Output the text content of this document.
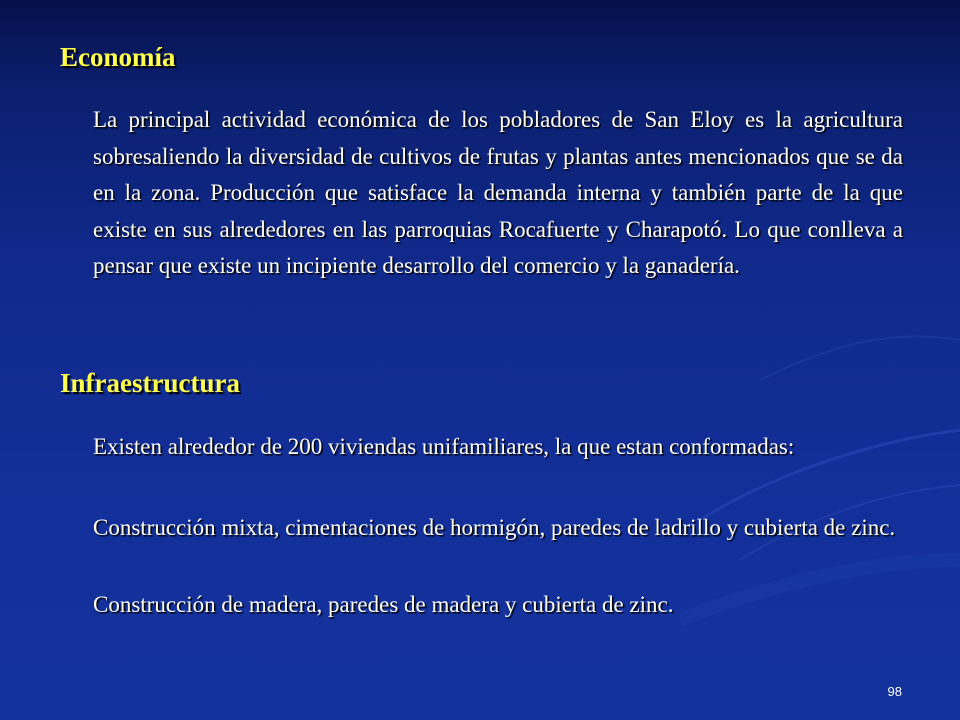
Economía

La principal actividad económica de los pobladores de San Eloy es la agricultura sobresaliendo la diversidad de cultivos de frutas y plantas antes mencionados que se da en la zona. Producción que satisface la demanda interna y también parte de la que existe en sus alrededores en las parroquias Rocafuerte y Charapotó. Lo que conlleva a pensar que existe un incipiente desarrollo del comercio y la ganadería.

Infraestructura

Existen alrededor de 200 viviendas unifamiliares, la que estan conformadas:

Construcción mixta, cimentaciones de hormigón, paredes de ladrillo y cubierta de zinc.

Construcción de madera, paredes de madera y cubierta de zinc.

98
